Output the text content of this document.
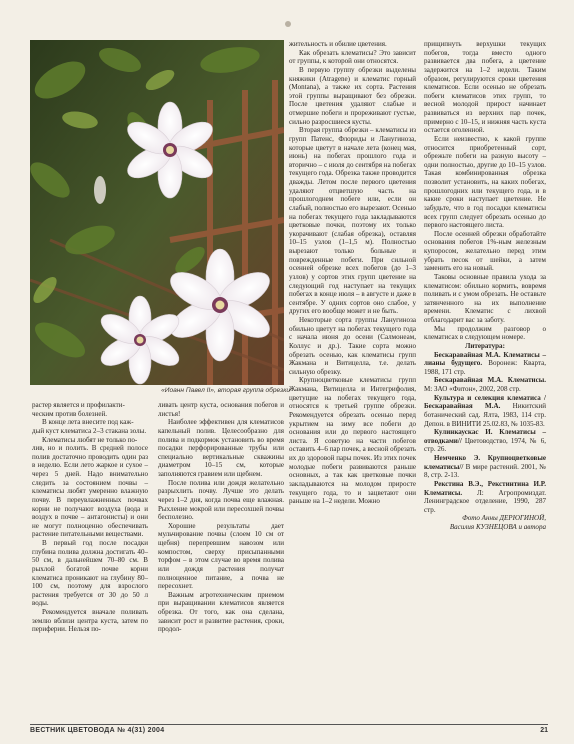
«Иоанн Павел II», вторая группа обрезки

растер является и профилакти-

ческим против болезней.

В конце лета внесите под каж-

дый куст клематиса 2–3 стакана золы.

Клематисы любят не только по-

лив, но и полить. В средней полосе полив достаточно проводить один раз в неделю. Если лето жаркое и сухое – через 5 дней. Надо внимательно следить за состоянием почвы – клематисы любят умеренно влажную почву. В переувлажненных почвах корни не получают воздуха (вода и воздух в почве – антагонисты) и они не могут полноценно обеспечивать растение питательными веществами.

В первый год после посадки глубина полива должна достигать 40–50 см, в дальнейшем 70–80 см. В рыхлой богатой почве корни клематиса проникают на глубину 80–100 см, поэтому для взрослого растения требуется от 30 до 50 л воды.

Рекомендуется вначале поливать землю вблизи центра куста, затем по периферии. Нельзя по-

ливать центр куста, основания побегов и листья!

Наиболее эффективен для клематисов капельный полив. Целесообразно для полива и подкормок установить во время посадки перфорированные трубы или специально вертикальные скважины диаметром 10–15 см, которые заполняются гравием или щебнем.

После полива или дождя желательно разрыхлить почву. Лучше это делать через 1–2 дня, когда почва еще влажная. Рыхление мокрой или пересохшей почвы бесполезно.

Хорошие результаты дает мульчирование почвы (слоем 10 см от щебня) перепревшим навозом или компостом, сверху присыпанными торфом – в этом случае во время полива или дождя растения получат полноценное питание, а почва не пересохнет.

Важным агротехническим приемом при выращивании клематисов является обрезка. От того, как она сделана, зависит рост и развитие растения, сроки, продол-

жительность и обилие цветения.

Как обрезать клематисы? Это зависит от группы, к которой они относятся.

В первую группу обрезки выделены княжики (Atragene) и клематис горный (Montana), а также их сорта. Растения этой группы выращивают без обрезки. После цветения удаляют слабые и отмершие побеги и прореживают густые, сильно разросшиеся кусты.

Вторая группа обрезки – клематисы из групп Патенс, Флориды и Ланугиноза, которые цветут в начале лета (конец мая, июнь) на побегах прошлого года и вторично – с июля до сентября на побегах текущего года. Обрезка также проводится дважды. Летом после первого цветения удаляют отцветшую часть на прошлогоднем побеге или, если он слабый, полностью его вырезают. Осенью на побегах текущего года закладываются цветковые почки, поэтому их только укорачивают (слабая обрезка), оставляя 10–15 узлов (1–1,5 м). Полностью вырезают только больные и поврежденные побеги. При сильной осенней обрезке всех побегов (до 1–3 узлов) у сортов этих групп цветение на следующий год наступает на текущих побегах в конце июля – в августе и даже в сентябре. У одних сортов оно слабое, у других его вообще может и не быть.

Некоторые сорта группы Ланугиноза обильно цветут на побегах текущего года с начала июня до осени (Салмонеам, Коллус и др.). Такие сорта можно обрезать осенью, как клематисы групп Жакмана и Витицелла, т.е. делать сильную обрезку.

Крупноцветковые клематисы групп Жакмана, Витицелла и Интегрифолия, цветущие на побегах текущего года, относятся к третьей группе обрезки. Рекомендуется обрезать осенью перед укрытием на зиму все побеги до основания или до первого настоящего листа. Я советую на части побегов оставить 4–6 пар почек, а весной обрезать их до здоровой пары почек. Из этих почек молодые побеги развиваются раньше основных, а так как цветковые почки закладываются на молодом приросте текущего года, то и зацветают они раньше на 1–2 недели. Можно

прищипнуть верхушки текущих побегов, тогда вместо одного развивается два побега, а цветение задержится на 1–2 недели. Таким образом, регулируются сроки цветения клематисов. Если осенью не обрезать побеги клематисов этих групп, то весной молодой прирост начинает развиваться из верхних пар почек, примерно с 10–15, и нижняя часть куста остается оголенной.

Если неизвестно, к какой группе относится приобретенный сорт, обрежьте побеги на разную высоту – одни полностью, другие до 10–15 узлов. Такая комбинированная обрезка позволит установить, на каких побегах, прошлогодних или текущего года, и в какие сроки наступает цветение. Не забудьте, что в год посадки клематисы всех групп следует обрезать осенью до первого настоящего листа.

После осенней обрезки обработайте основания побегов 1%-ным железным купоросом, желательно перед этим убрать песок от шейки, а затем заменить его на новый.

Таковы основные правила ухода за клематисом: обильно кормить, вовремя поливать и с умом обрезать. Не оставьте затянченного на их выполнение времени. Клематис с лихвой отблагодарит вас за заботу.

Мы продолжим разговор о клематисах в следующем номере.

Литература:

Бескаравайная М.А. Клематисы – лианы будущего. Воронеж: Кварта, 1988, 171 стр.

Бескаравайная М.А. Клематисы. М: ЗАО «Фитон», 2002, 208 стр.

Культура и селекция клематиса / Бескаравайная М.А. Никитский ботанический сад. Ялта, 1983, 114 стр. Депон. в ВИНИТИ 25.02.83, № 1035-83.

Кулинкаускас И. Клематисы – отводками// Цветоводство, 1974, № 6, стр. 26.

Немченко Э. Крупноцветковые клематисы// В мире растений. 2001, № 8, стр. 2-13.

Рекстина В.Э., Рекстинтина И.Р. Клематисы. Л: Агропромиздат. Ленинградское отделение, 1990, 287 стр.

Фото Анны ДЕРЮГИНОЙ,

Василия КУЗНЕЦОВА и автора

ВЕСТНИК ЦВЕТОВОДА № 4(31) 2004	21
